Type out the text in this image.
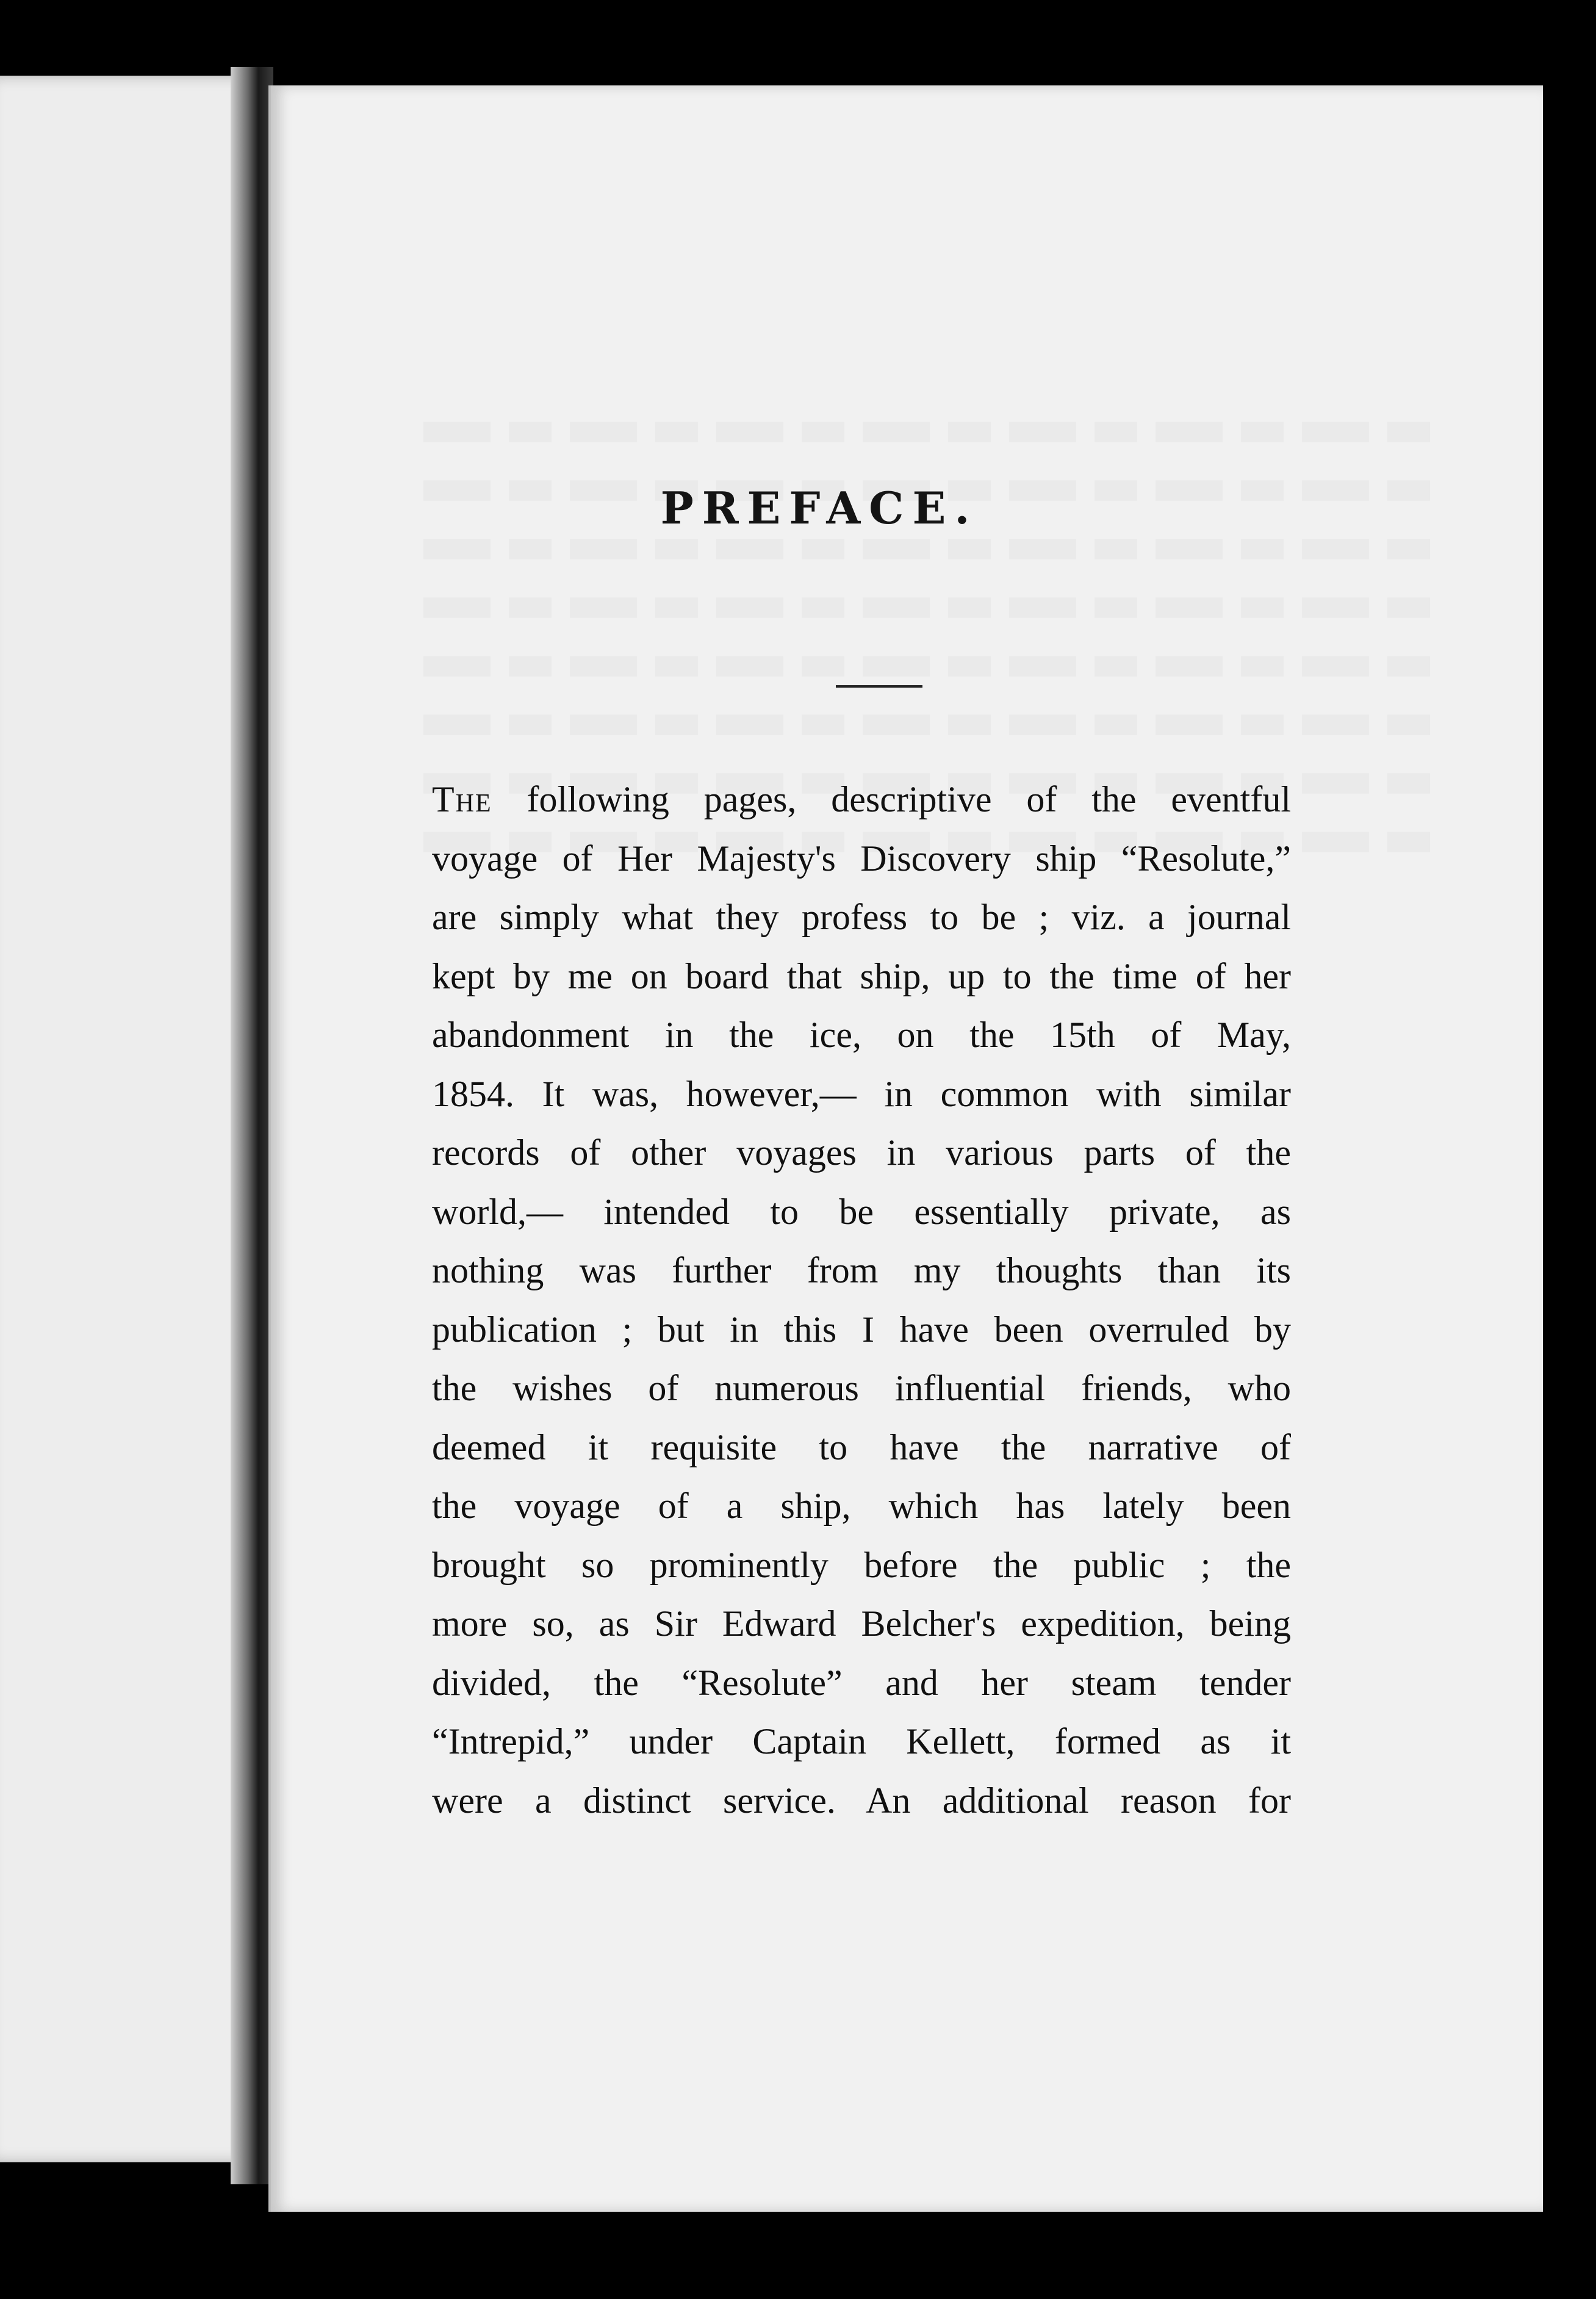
PREFACE.
The following pages, descriptive of the eventful
voyage of Her Majesty's Discovery ship “Resolute,”
are simply what they profess to be ; viz. a journal
kept by me on board that ship, up to the time of her
abandonment in the ice, on the 15th of May,
1854. It was, however,— in common with similar
records of other voyages in various parts of the
world,— intended to be essentially private, as
nothing was further from my thoughts than its
publication ; but in this I have been overruled by
the wishes of numerous influential friends, who
deemed it requisite to have the narrative of
the voyage of a ship, which has lately been
brought so prominently before the public ; the
more so, as Sir Edward Belcher's expedition, being
divided, the “Resolute” and her steam tender
“Intrepid,” under Captain Kellett, formed as it
were a distinct service. An additional reason for
